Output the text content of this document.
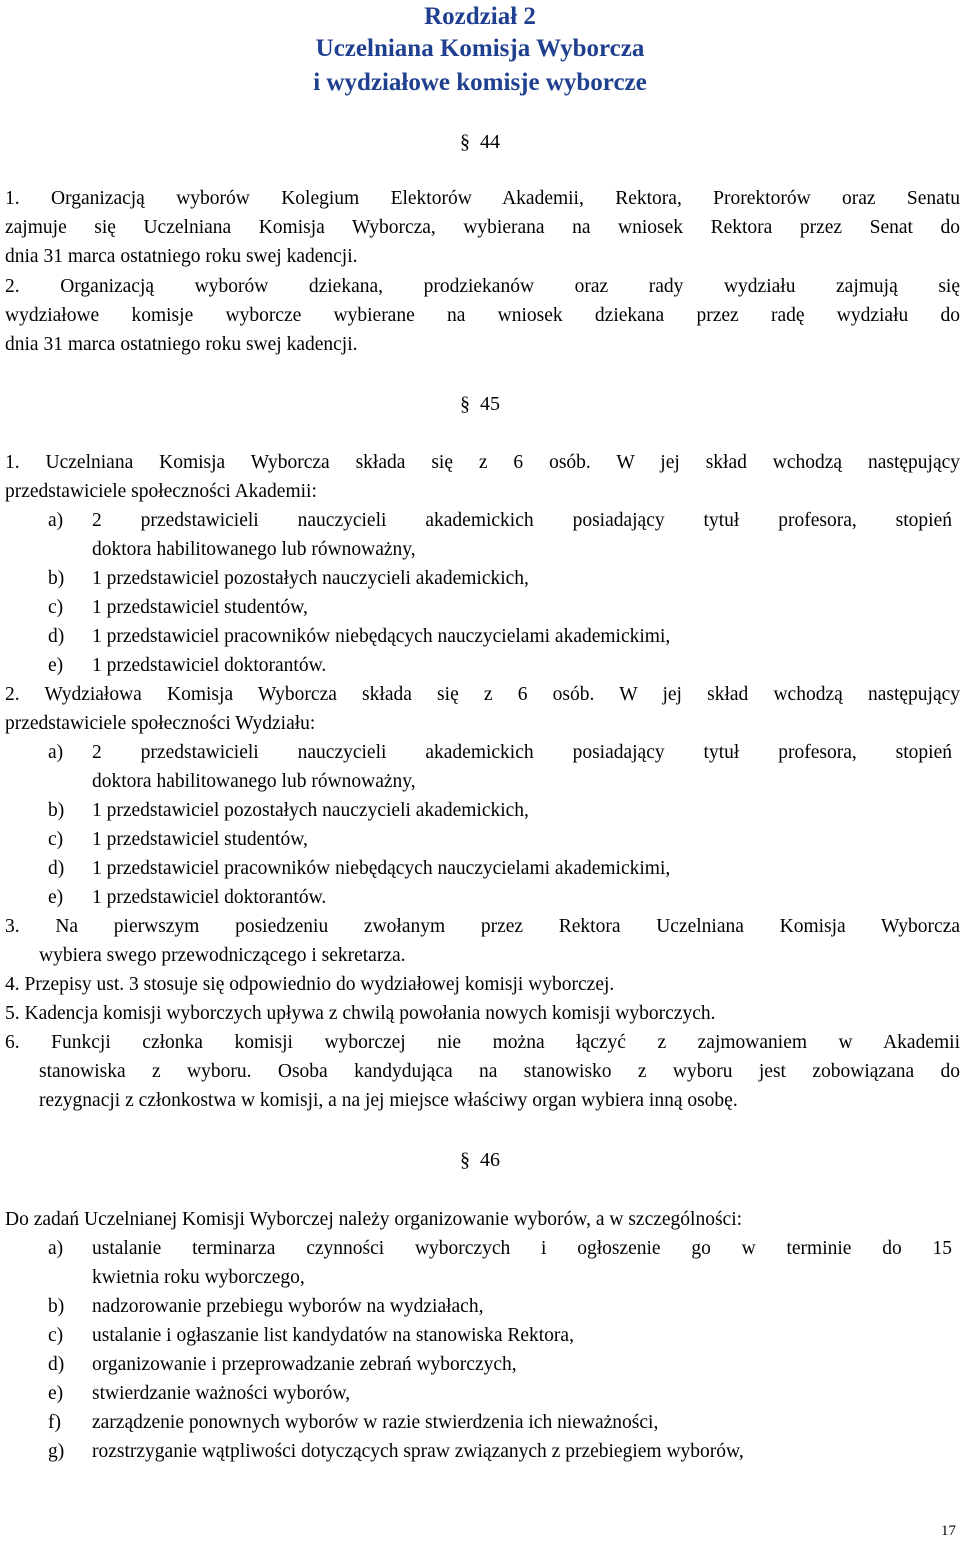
Rozdział 2
Uczelniana Komisja Wyborcza
i wydziałowe komisje wyborcze
§ 44
1. Organizacją wyborów Kolegium Elektorów Akademii, Rektora, Prorektorów oraz Senatu
zajmuje się Uczelniana Komisja Wyborcza, wybierana na wniosek Rektora przez Senat do
dnia 31 marca ostatniego roku swej kadencji.
2. Organizacją wyborów dziekana, prodziekanów oraz rady wydziału zajmują się
wydziałowe komisje wyborcze wybierane na wniosek dziekana przez radę wydziału do
dnia 31 marca ostatniego roku swej kadencji.
§ 45
1. Uczelniana Komisja Wyborcza składa się z 6 osób. W jej skład wchodzą następujący
przedstawiciele społeczności Akademii:
a) 2 przedstawicieli nauczycieli akademickich posiadający tytuł profesora, stopień
doktora habilitowanego lub równoważny,
b) 1 przedstawiciel pozostałych nauczycieli akademickich,
c) 1 przedstawiciel studentów,
d) 1 przedstawiciel pracowników niebędących nauczycielami akademickimi,
e) 1 przedstawiciel doktorantów.
2. Wydziałowa Komisja Wyborcza składa się z 6 osób. W jej skład wchodzą następujący
przedstawiciele społeczności Wydziału:
a) 2 przedstawicieli nauczycieli akademickich posiadający tytuł profesora, stopień
doktora habilitowanego lub równoważny,
b) 1 przedstawiciel pozostałych nauczycieli akademickich,
c) 1 przedstawiciel studentów,
d) 1 przedstawiciel pracowników niebędących nauczycielami akademickimi,
e) 1 przedstawiciel doktorantów.
3. Na pierwszym posiedzeniu zwołanym przez Rektora Uczelniana Komisja Wyborcza
wybiera swego przewodniczącego i sekretarza.
4. Przepisy ust. 3 stosuje się odpowiednio do wydziałowej komisji wyborczej.
5. Kadencja komisji wyborczych upływa z chwilą powołania nowych komisji wyborczych.
6. Funkcji członka komisji wyborczej nie można łączyć z zajmowaniem w Akademii
stanowiska z wyboru. Osoba kandydująca na stanowisko z wyboru jest zobowiązana do
rezygnacji z członkostwa w komisji, a na jej miejsce właściwy organ wybiera inną osobę.
§ 46
Do zadań Uczelnianej Komisji Wyborczej należy organizowanie wyborów, a w szczególności:
a) ustalanie terminarza czynności wyborczych i ogłoszenie go w terminie do 15
kwietnia roku wyborczego,
b) nadzorowanie przebiegu wyborów na wydziałach,
c) ustalanie i ogłaszanie list kandydatów na stanowiska Rektora,
d) organizowanie i przeprowadzanie zebrań wyborczych,
e) stwierdzanie ważności wyborów,
f) zarządzenie ponownych wyborów w razie stwierdzenia ich nieważności,
g) rozstrzyganie wątpliwości dotyczących spraw związanych z przebiegiem wyborów,
17
